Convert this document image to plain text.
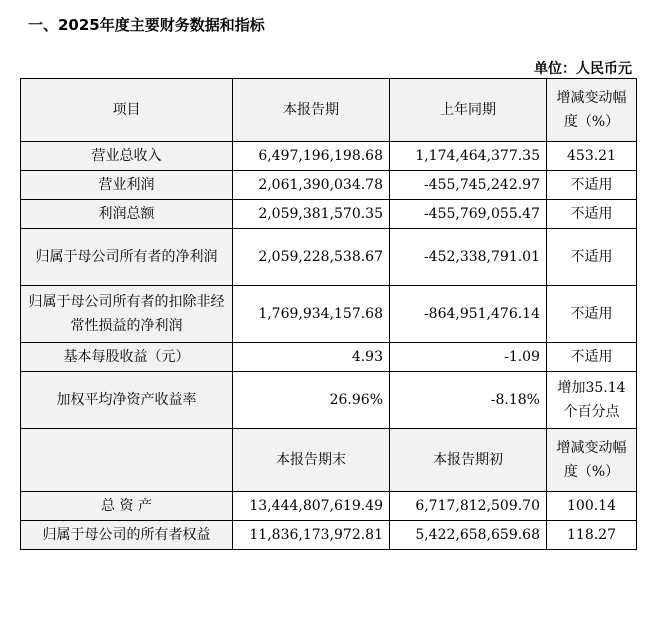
一、2025年度主要财务数据和指标
单位：人民币元
项目	本报告期	上年同期	增减变动幅度（%）
营业总收入	6,497,196,198.68	1,174,464,377.35	453.21
营业利润	2,061,390,034.78	-455,745,242.97	不适用
利润总额	2,059,381,570.35	-455,769,055.47	不适用
归属于母公司所有者的净利润	2,059,228,538.67	-452,338,791.01	不适用
归属于母公司所有者的扣除非经常性损益的净利润	1,769,934,157.68	-864,951,476.14	不适用
基本每股收益（元）	4.93	-1.09	不适用
加权平均净资产收益率	26.96%	-8.18%	增加35.14个百分点
	本报告期末	本报告期初	增减变动幅度（%）
总 资 产	13,444,807,619.49	6,717,812,509.70	100.14
归属于母公司的所有者权益	11,836,173,972.81	5,422,658,659.68	118.27
